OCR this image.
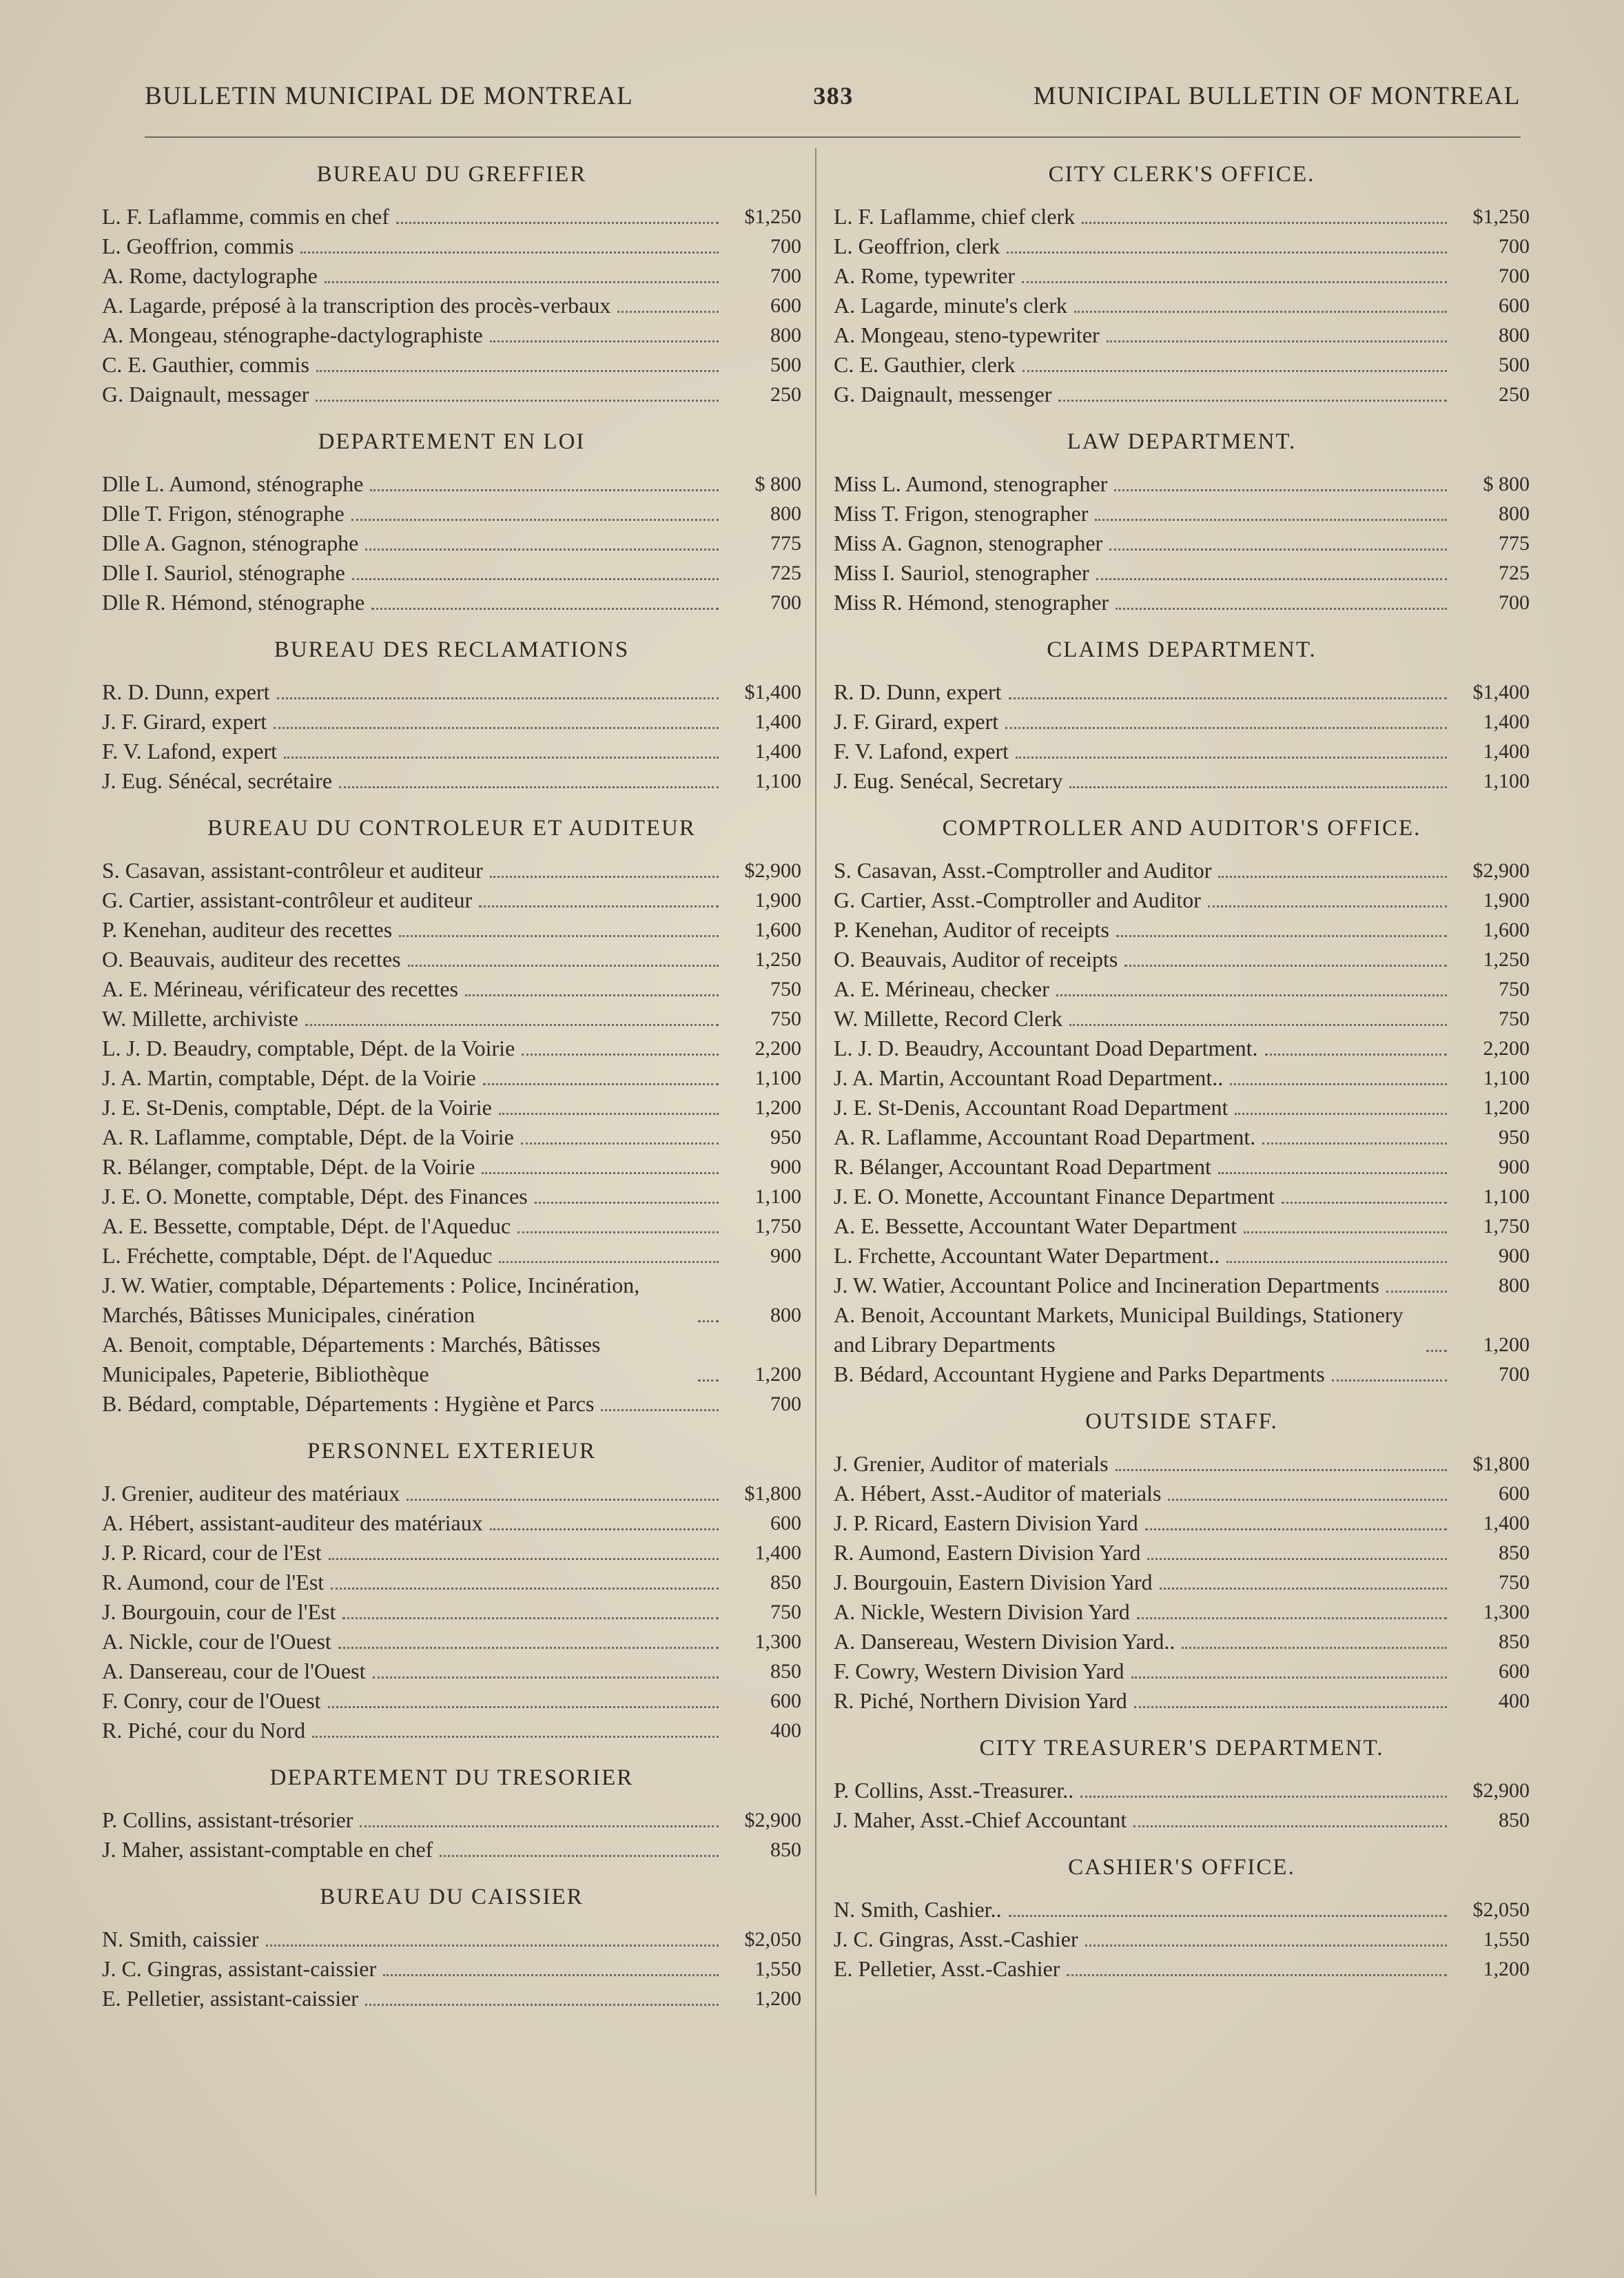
BULLETIN MUNICIPAL DE MONTREAL	383	MUNICIPAL BULLETIN OF MONTREAL
BUREAU DU GREFFIER
L. F. Laflamme, commis en chef	$1,250
L. Geoffrion, commis	700
A. Rome, dactylographe	700
A. Lagarde, préposé à la transcription des procès-verbaux	600
A. Mongeau, sténographe-dactylographiste	800
C. E. Gauthier, commis	500
G. Daignault, messager	250
DEPARTEMENT EN LOI
Dlle L. Aumond, sténographe	$ 800
Dlle T. Frigon, sténographe	800
Dlle A. Gagnon, sténographe	775
Dlle I. Sauriol, sténographe	725
Dlle R. Hémond, sténographe	700
BUREAU DES RECLAMATIONS
R. D. Dunn, expert	$1,400
J. F. Girard, expert	1,400
F. V. Lafond, expert	1,400
J. Eug. Sénécal, secrétaire	1,100
BUREAU DU CONTROLEUR ET AUDITEUR
S. Casavan, assistant-contrôleur et auditeur	$2,900
G. Cartier, assistant-contrôleur et auditeur	1,900
P. Kenehan, auditeur des recettes	1,600
O. Beauvais, auditeur des recettes	1,250
A. E. Mérineau, vérificateur des recettes	750
W. Millette, archiviste	750
L. J. D. Beaudry, comptable, Dépt. de la Voirie	2,200
J. A. Martin, comptable, Dépt. de la Voirie	1,100
J. E. St-Denis, comptable, Dépt. de la Voirie	1,200
A. R. Laflamme, comptable, Dépt. de la Voirie	950
R. Bélanger, comptable, Dépt. de la Voirie	900
J. E. O. Monette, comptable, Dépt. des Finances	1,100
A. E. Bessette, comptable, Dépt. de l'Aqueduc	1,750
L. Fréchette, comptable, Dépt. de l'Aqueduc	900
J. W. Watier, comptable, Départements : Police, Incinération, Marchés, Bâtisses Municipales, cinération	800
A. Benoit, comptable, Départements : Marchés, Bâtisses Municipales, Papeterie, Bibliothèque	1,200
B. Bédard, comptable, Départements : Hygiène et Parcs	700
PERSONNEL EXTERIEUR
J. Grenier, auditeur des matériaux	$1,800
A. Hébert, assistant-auditeur des matériaux	600
J. P. Ricard, cour de l'Est	1,400
R. Aumond, cour de l'Est	850
J. Bourgouin, cour de l'Est	750
A. Nickle, cour de l'Ouest	1,300
A. Dansereau, cour de l'Ouest	850
F. Conry, cour de l'Ouest	600
R. Piché, cour du Nord	400
DEPARTEMENT DU TRESORIER
P. Collins, assistant-trésorier	$2,900
J. Maher, assistant-comptable en chef	850
BUREAU DU CAISSIER
N. Smith, caissier	$2,050
J. C. Gingras, assistant-caissier	1,550
E. Pelletier, assistant-caissier	1,200
CITY CLERK'S OFFICE.
L. F. Laflamme, chief clerk	$1,250
L. Geoffrion, clerk	700
A. Rome, typewriter	700
A. Lagarde, minute's clerk	600
A. Mongeau, steno-typewriter	800
C. E. Gauthier, clerk	500
G. Daignault, messenger	250
LAW DEPARTMENT.
Miss L. Aumond, stenographer	$ 800
Miss T. Frigon, stenographer	800
Miss A. Gagnon, stenographer	775
Miss I. Sauriol, stenographer	725
Miss R. Hémond, stenographer	700
CLAIMS DEPARTMENT.
R. D. Dunn, expert	$1,400
J. F. Girard, expert	1,400
F. V. Lafond, expert	1,400
J. Eug. Senécal, Secretary	1,100
COMPTROLLER AND AUDITOR'S OFFICE.
S. Casavan, Asst.-Comptroller and Auditor	$2,900
G. Cartier, Asst.-Comptroller and Auditor	1,900
P. Kenehan, Auditor of receipts	1,600
O. Beauvais, Auditor of receipts	1,250
A. E. Mérineau, checker	750
W. Millette, Record Clerk	750
L. J. D. Beaudry, Accountant Doad Department.	2,200
J. A. Martin, Accountant Road Department..	1,100
J. E. St-Denis, Accountant Road Department	1,200
A. R. Laflamme, Accountant Road Department.	950
R. Bélanger, Accountant Road Department	900
J. E. O. Monette, Accountant Finance Department	1,100
A. E. Bessette, Accountant Water Department	1,750
L. Frchette, Accountant Water Department..	900
J. W. Watier, Accountant Police and Incineration Departments	800
A. Benoit, Accountant Markets, Municipal Buildings, Stationery and Library Departments	1,200
B. Bédard, Accountant Hygiene and Parks Departments	700
OUTSIDE STAFF.
J. Grenier, Auditor of materials	$1,800
A. Hébert, Asst.-Auditor of materials	600
J. P. Ricard, Eastern Division Yard	1,400
R. Aumond, Eastern Division Yard	850
J. Bourgouin, Eastern Division Yard	750
A. Nickle, Western Division Yard	1,300
A. Dansereau, Western Division Yard..	850
F. Cowry, Western Division Yard	600
R. Piché, Northern Division Yard	400
CITY TREASURER'S DEPARTMENT.
P. Collins, Asst.-Treasurer..	$2,900
J. Maher, Asst.-Chief Accountant	850
CASHIER'S OFFICE.
N. Smith, Cashier..	$2,050
J. C. Gingras, Asst.-Cashier	1,550
E. Pelletier, Asst.-Cashier	1,200
